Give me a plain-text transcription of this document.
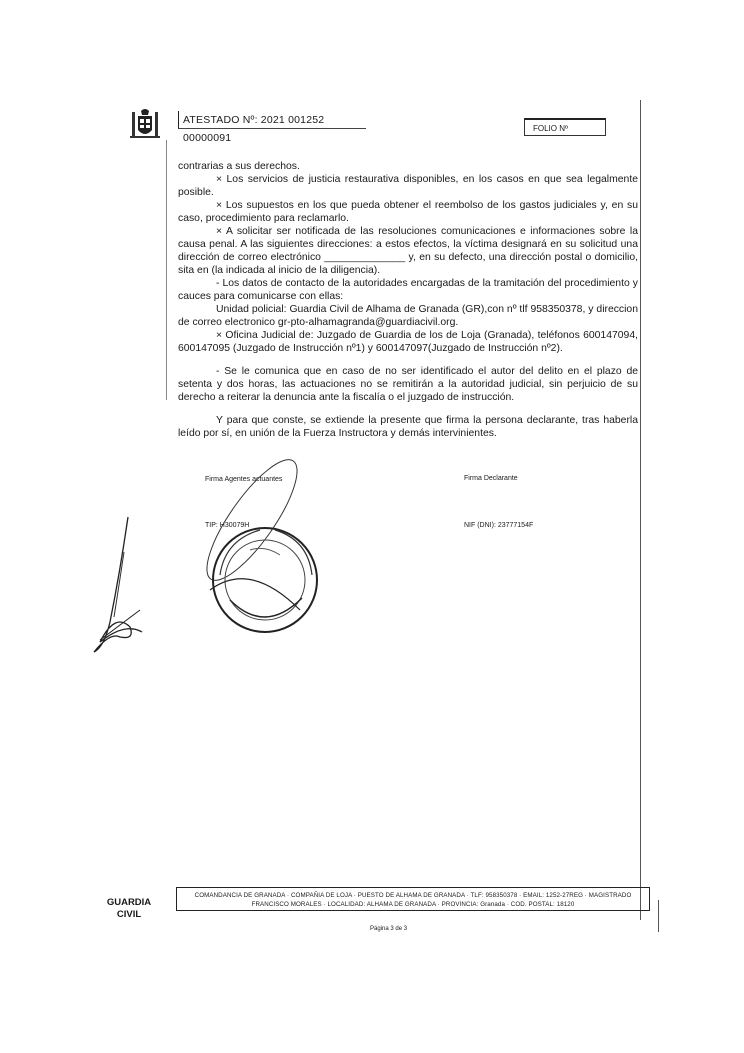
ATESTADO Nº: 2021 001252 00000091
FOLIO Nº

contrarias a sus derechos.

× Los servicios de justicia restaurativa disponibles, en los casos en que sea legalmente posible.

× Los supuestos en los que pueda obtener el reembolso de los gastos judiciales y, en su caso, procedimiento para reclamarlo.

× A solicitar ser notificada de las resoluciones comunicaciones e informaciones sobre la causa penal. A las siguientes direcciones: a estos efectos, la víctima designará en su solicitud una dirección de correo electrónico ______________ y, en su defecto, una dirección postal o domicilio, sita en (la indicada al inicio de la diligencia).

- Los datos de contacto de la autoridades encargadas de la tramitación del procedimiento y cauces para comunicarse con ellas:

Unidad policial: Guardia Civil de Alhama de Granada (GR),con nº tlf 958350378, y direccion de correo electronico gr-pto-alhamagranda@guardiacivil.org.

× Oficina Judicial de: Juzgado de Guardia de los de Loja (Granada), teléfonos 600147094, 600147095 (Juzgado de Instrucción nº1) y 600147097(Juzgado de Instrucción nº2).

- Se le comunica que en caso de no ser identificado el autor del delito en el plazo de setenta y dos horas, las actuaciones no se remitirán a la autoridad judicial, sin perjuicio de su derecho a reiterar la denuncia ante la fiscalía o el juzgado de instrucción.

Y para que conste, se extiende la presente que firma la persona declarante, tras haberla leído por sí, en unión de la Fuerza Instructora y demás intervinientes.

Firma Agentes actuantes	Firma Declarante
TIP: H30079H	NIF (DNI): 23777154F
GUARDIA
CIVIL
COMANDANCIA DE GRANADA · COMPAÑIA DE LOJA · PUESTO DE ALHAMA DE GRANADA · TLF: 958350378 · EMAIL: 1252-27REG · MAGISTRADO
FRANCISCO MORALES · LOCALIDAD: ALHAMA DE GRANADA · PROVINCIA: Granada · COD. POSTAL: 18120
Página 3 de 3
